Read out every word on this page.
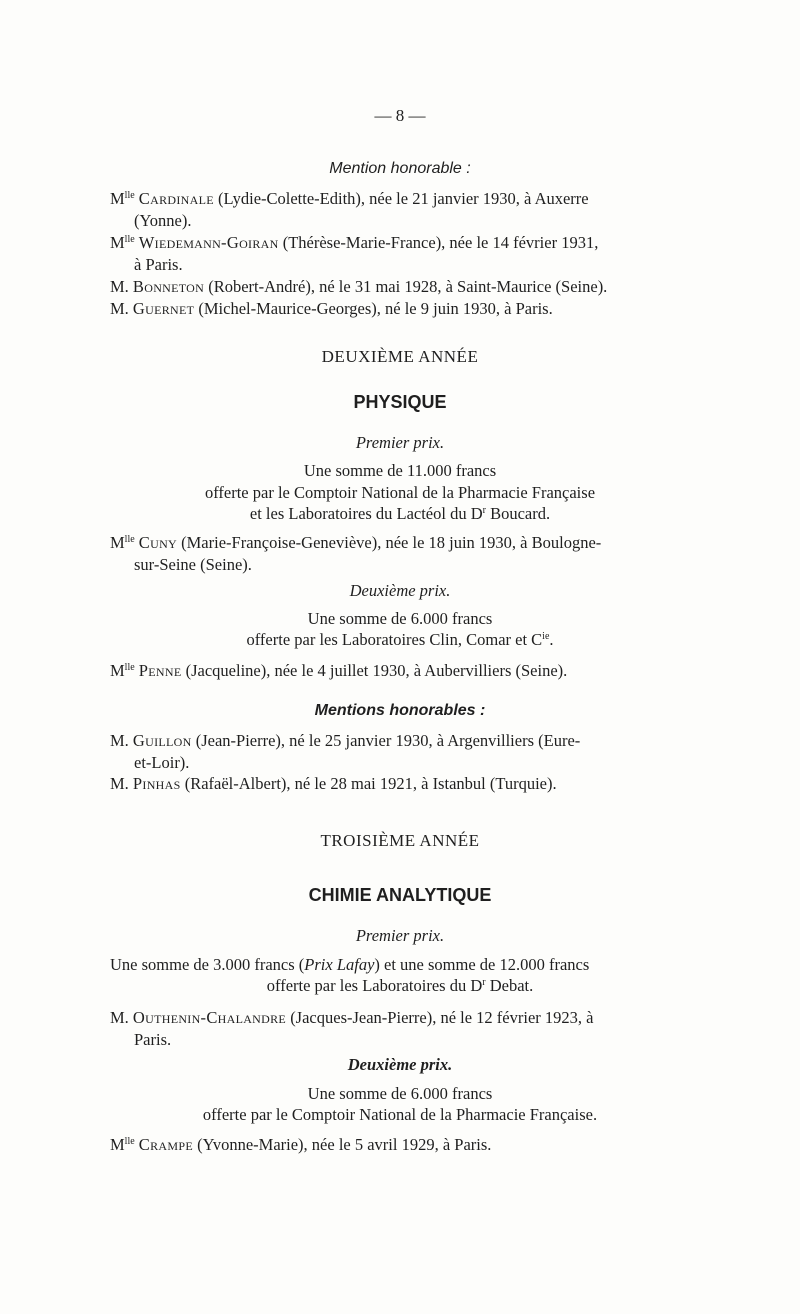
— 8 —
Mention honorable :
$M^{lle}$ Cardinale (Lydie-Colette-Edith), née le 21 janvier 1930, à Auxerre
(Yonne).
$M^{lle}$ Wiedemann-Goiran (Thérèse-Marie-France), née le 14 février 1931,
à Paris.
M. Bonneton (Robert-André), né le 31 mai 1928, à Saint-Maurice (Seine).
M. Guernet (Michel-Maurice-Georges), né le 9 juin 1930, à Paris.
DEUXIÈME ANNÉE
PHYSIQUE
Premier prix.
Une somme de 11.000 francs
offerte par le Comptoir National de la Pharmacie Française
et les Laboratoires du Lactéol du $D^r$ Boucard.
$M^{lle}$ Cuny (Marie-Françoise-Geneviève), née le 18 juin 1930, à Boulogne-
sur-Seine (Seine).
Deuxième prix.
Une somme de 6.000 francs
offerte par les Laboratoires Clin, Comar et $C^{ie}$.
$M^{lle}$ Penne (Jacqueline), née le 4 juillet 1930, à Aubervilliers (Seine).
Mentions honorables :
M. Guillon (Jean-Pierre), né le 25 janvier 1930, à Argenvilliers (Eure-
et-Loir).
M. Pinhas (Rafaël-Albert), né le 28 mai 1921, à Istanbul (Turquie).
TROISIÈME ANNÉE
CHIMIE ANALYTIQUE
Premier prix.
Une somme de 3.000 francs (Prix Lafay) et une somme de 12.000 francs
offerte par les Laboratoires du $D^r$ Debat.
M. Outhenin-Chalandre (Jacques-Jean-Pierre), né le 12 février 1923, à
Paris.
Deuxième prix.
Une somme de 6.000 francs
offerte par le Comptoir National de la Pharmacie Française.
$M^{lle}$ Crampe (Yvonne-Marie), née le 5 avril 1929, à Paris.
